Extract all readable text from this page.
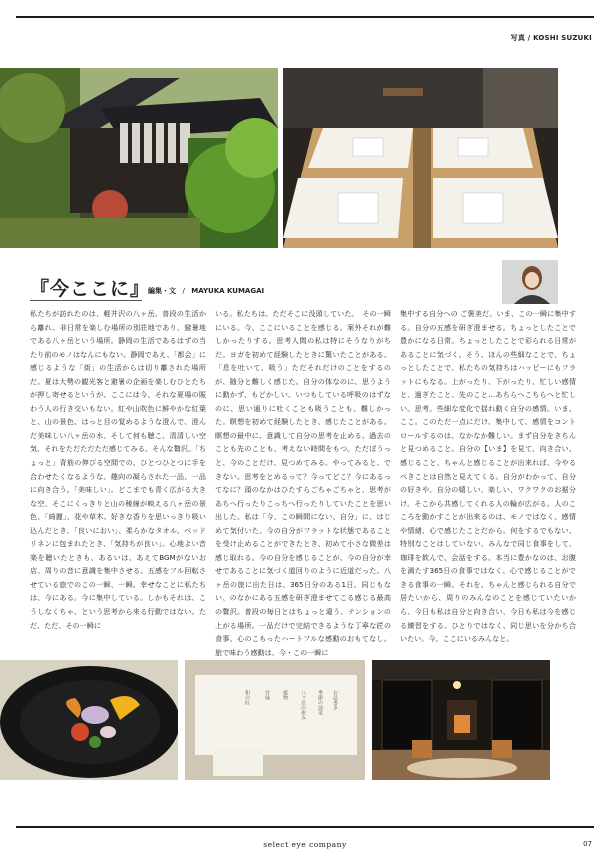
写真 / KOSHI SUZUKI
『今ここに』
編集・文 / MAYUKA KUMAGAI
私たちが訪れたのは、軽井沢の八ヶ岳。普段の生活から離れ、非日常を楽しむ場所の別荘地であり、避暑地である八ヶ岳という場所。静岡の生活であるはずの当たり前のモノはなんにもない。静岡であえ、「都会」に感じるような「街」の生活からは切り離された場所だ。夏は大勢の観光客と避暑の企画を楽しむひとたちが押し寄せるというが、ここには今、それな夏場の賑わう人の行き交いもない。紅や山吹色に鮮やかな紅葉と、山の景色、はっと目の覚めるような澄んで、澄んだ美味しい八ヶ岳の水、そして何も聴こ、清清しい空気、それをただただただ感じてみる。そんな贅沢。「ちょっと」背筋の伸びる空間での、ひとつひとつに手を合わせたくなるような、趣向の凝らされた一品、一品に向き合う。「美味しい」。どこまでも青く広がる大きな空、そこにくっきりと山の稜線が映える八ヶ岳の景色、「綺麗」、花や草木、好きな香りを思いっきり吸い込んだとき、「良いにおい」、柔らかなタオル、ベッドリネンに包まれたとき、「気持ちが良い」。心地よい音楽を聴いたときも、あるいは、あえてBGMがないお店、周りの音に意識を集中させる。五感をフル回転させている旅でのこの一瞬、一瞬。幸せなことに私たちは、今にある。今に集中している。しかもそれは、こうしなくちゃ、という思考から来る行動ではない。ただ、ただ、その一瞬に
いる。私たちは、ただそこに没頭していた。　その一瞬にいる。今、ここにいることを感じる。案外それが難しかったりする。思考人間の私は特にそうなりがちだ。ヨガを初めて経験したときに驚いたことがある。「息を吐いて、吸う」ただそれだけのことをするのが、随分と難しく感じた。自分の体なのに、思うように動かず、もどかしい。いつもしている呼吸のはずなのに、思い通りに吐くことも吸うことも、難しかった。瞑想を初めて経験したとき、感じたことがある。瞑想の最中に、意識して自分の思考を止める。過去のことも先のことも、考えない時間をもつ。ただぼうっと、今のことだけ、見つめてみる。やってみると、できない。思考をとめるって？今ってどこ？今にあるってなに？頭のなかはひたすらごちゃごちゃと、思考があちへ行ったりこっちへ行ったりしていたことを思い出した。私は「今、この瞬間にない、自分」に、はじめて気付いた。今の自分がフラットな状態であることを受け止めることができたとき、初めて小さな微差は感じ取れる。今の自分を感じることが、今の自分が幸せであることに気づく道回りのように近道だった。八ヶ岳の旅に出た日は、365日分のある1日。同じもない、のなかにある五感を研ぎ澄ませてこる感じる最高の贅沢。普段の毎日とはちょっと違う、テンションの上がる場所。一品だけで完結できるような丁寧な匠の食事、心のこもったハートフルな感動のおもてなし。旅で味わう感動は、今・この一瞬に
集中する自分への ご褒美だ。いま、この一瞬に集中する。自分の五感を研ぎ澄ませる。ちょっとしたことで豊かになる日常。ちょっとしたことで彩られる日常があることに気づく。そう、ほんの些細なことで、ちょっとしたことで、私たちの気持ちはハッピーにもフラットにもなる。上がったり、下がったり、忙しい感情と、過ぎたこと、先のこと…あちらへこちらへと忙しい。思考。些細な変化で揺れ動く自分の感情。いま、ここ。このただ一点にだけ、集中して、感情をコントロールするのは、なかなか難しい。まず自分をきちんと見つめること。自分の【いま】を見て、向き合い、感じること、ちゃんと感じることが出来れば、今やるべきことは自然と見えてくる。自分がわかって、自分の好きや、自分の嬉しい、楽しい、ワクワクのお裾分け。そこから共感してくれる人の輪が広がる。人のこころを動かすことが出来るのは、モノではなく、感情や情緒、心で感じたことだから。何をするでもない、特別なことはしていない、みんなで同じ食事をして、珈琲を飲んで、会話をする。本当に豊かなのは、お腹を満たす365日の食事ではなく、心で感じることができる食事の一瞬。それを、ちゃんと感じられる自分で居たいから、周りのみんなのことを感じていたいから、今日も私は自分と向き合い、今日も私は今を感じる練習をする。ひとりではなく、同じ思いを分かち合いたい。今、ここにいるみんなと。
お品書き
季節の前菜
八ヶ岳の恵み
焼物
甘味
和の匠
select eye company	07
